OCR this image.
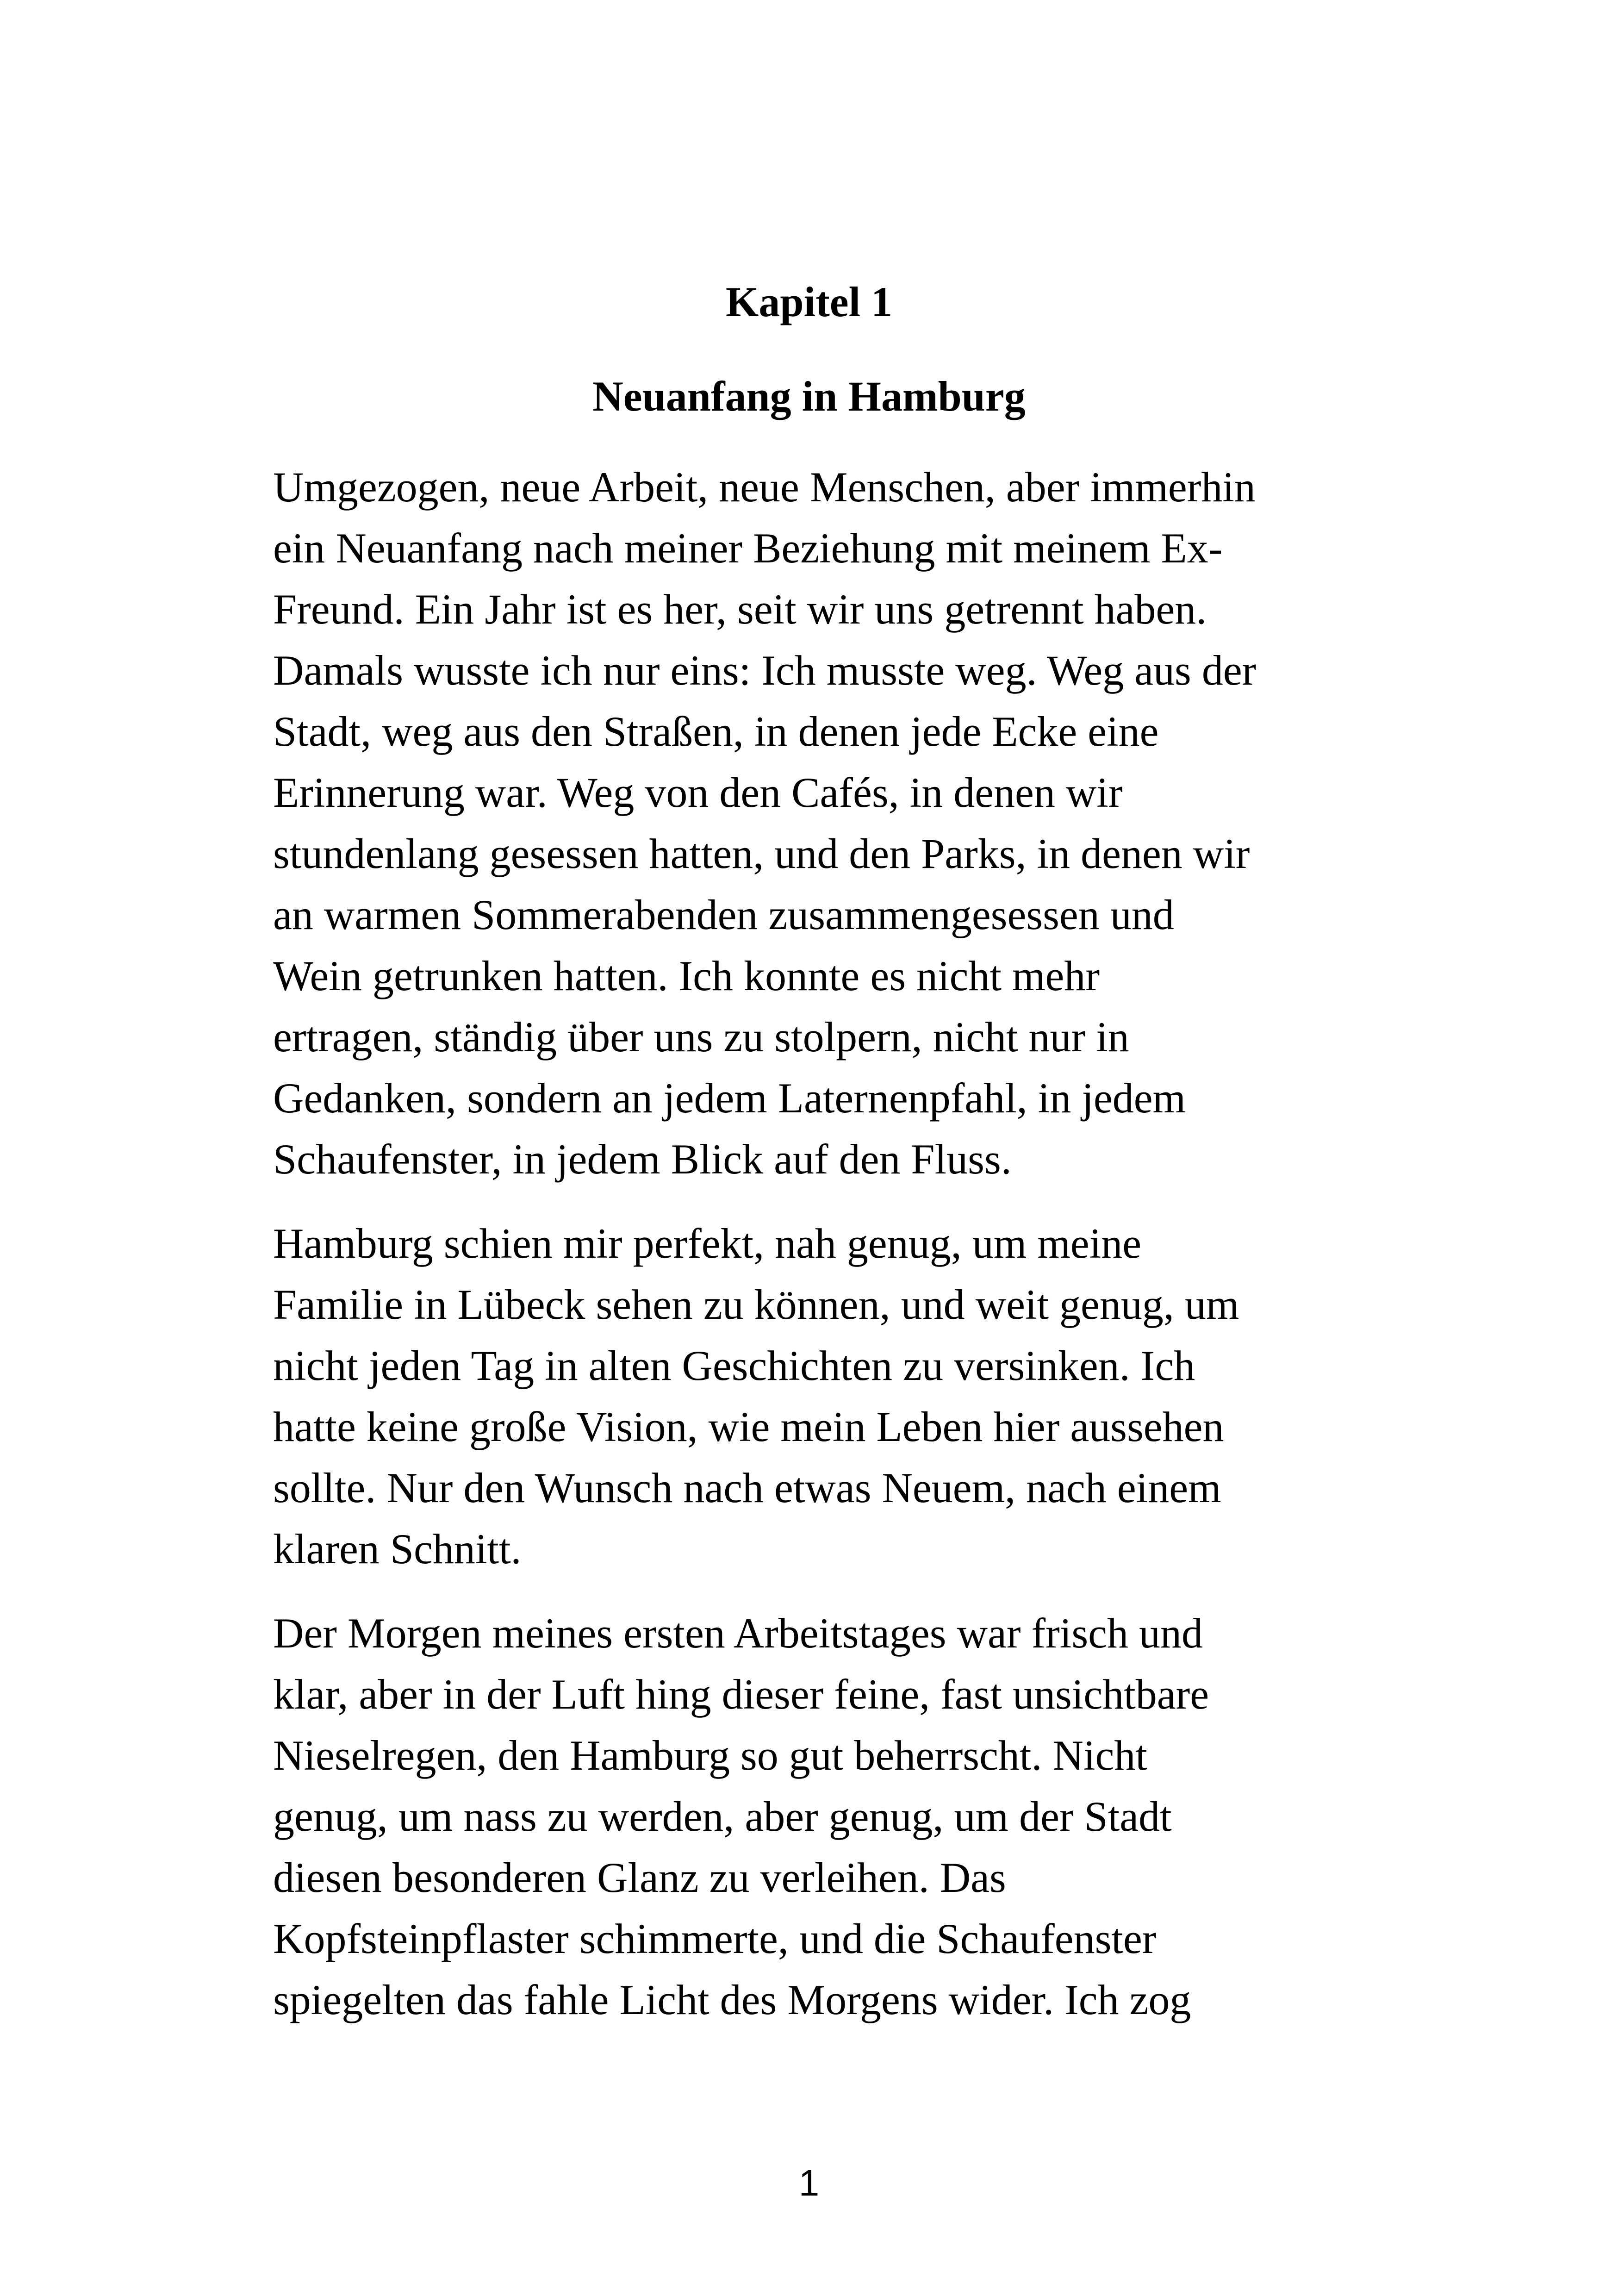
Kapitel 1
Neuanfang in Hamburg

Umgezogen, neue Arbeit, neue Menschen, aber immerhin
ein Neuanfang nach meiner Beziehung mit meinem Ex-
Freund. Ein Jahr ist es her, seit wir uns getrennt haben.
Damals wusste ich nur eins: Ich musste weg. Weg aus der
Stadt, weg aus den Straßen, in denen jede Ecke eine
Erinnerung war. Weg von den Cafés, in denen wir
stundenlang gesessen hatten, und den Parks, in denen wir
an warmen Sommerabenden zusammengesessen und
Wein getrunken hatten. Ich konnte es nicht mehr
ertragen, ständig über uns zu stolpern, nicht nur in
Gedanken, sondern an jedem Laternenpfahl, in jedem
Schaufenster, in jedem Blick auf den Fluss.

Hamburg schien mir perfekt, nah genug, um meine
Familie in Lübeck sehen zu können, und weit genug, um
nicht jeden Tag in alten Geschichten zu versinken. Ich
hatte keine große Vision, wie mein Leben hier aussehen
sollte. Nur den Wunsch nach etwas Neuem, nach einem
klaren Schnitt.

Der Morgen meines ersten Arbeitstages war frisch und
klar, aber in der Luft hing dieser feine, fast unsichtbare
Nieselregen, den Hamburg so gut beherrscht. Nicht
genug, um nass zu werden, aber genug, um der Stadt
diesen besonderen Glanz zu verleihen. Das
Kopfsteinpflaster schimmerte, und die Schaufenster
spiegelten das fahle Licht des Morgens wider. Ich zog

1
